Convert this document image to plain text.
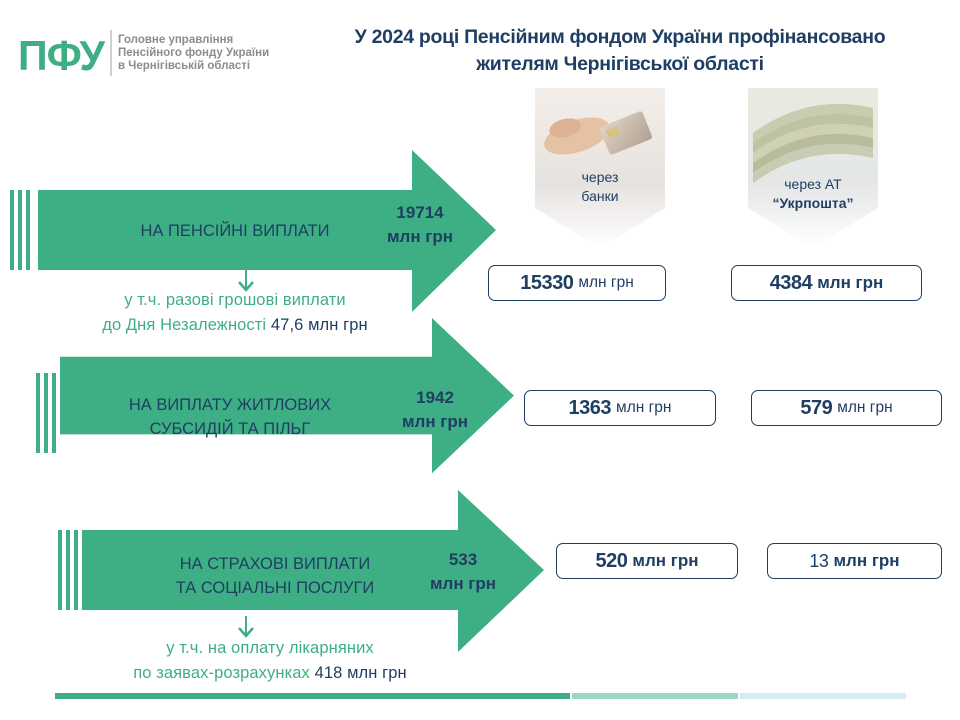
ПФУ Головне управління
Пенсійного фонду України
в Чернігівській області
У 2024 році Пенсійним фондом України профінансовано
жителям Чернігівської області
через
банки
через АТ
“Укрпошта”
НА ПЕНСІЙНІ ВИПЛАТИ
19714
млн грн
у т.ч. разові грошові виплати
до Дня Незалежності 47,6 млн грн
НА ВИПЛАТУ ЖИТЛОВИХ
СУБСИДІЙ ТА ПІЛЬГ
1942
млн грн
НА СТРАХОВІ ВИПЛАТИ
ТА СОЦІАЛЬНІ ПОСЛУГИ
533
млн грн
у т.ч. на оплату лікарняних
по заявах-розрахунках 418 млн грн
15330 млн грн	4384 млн грн
1363 млн грн	579 млн грн
520 млн грн	13 млн грн
